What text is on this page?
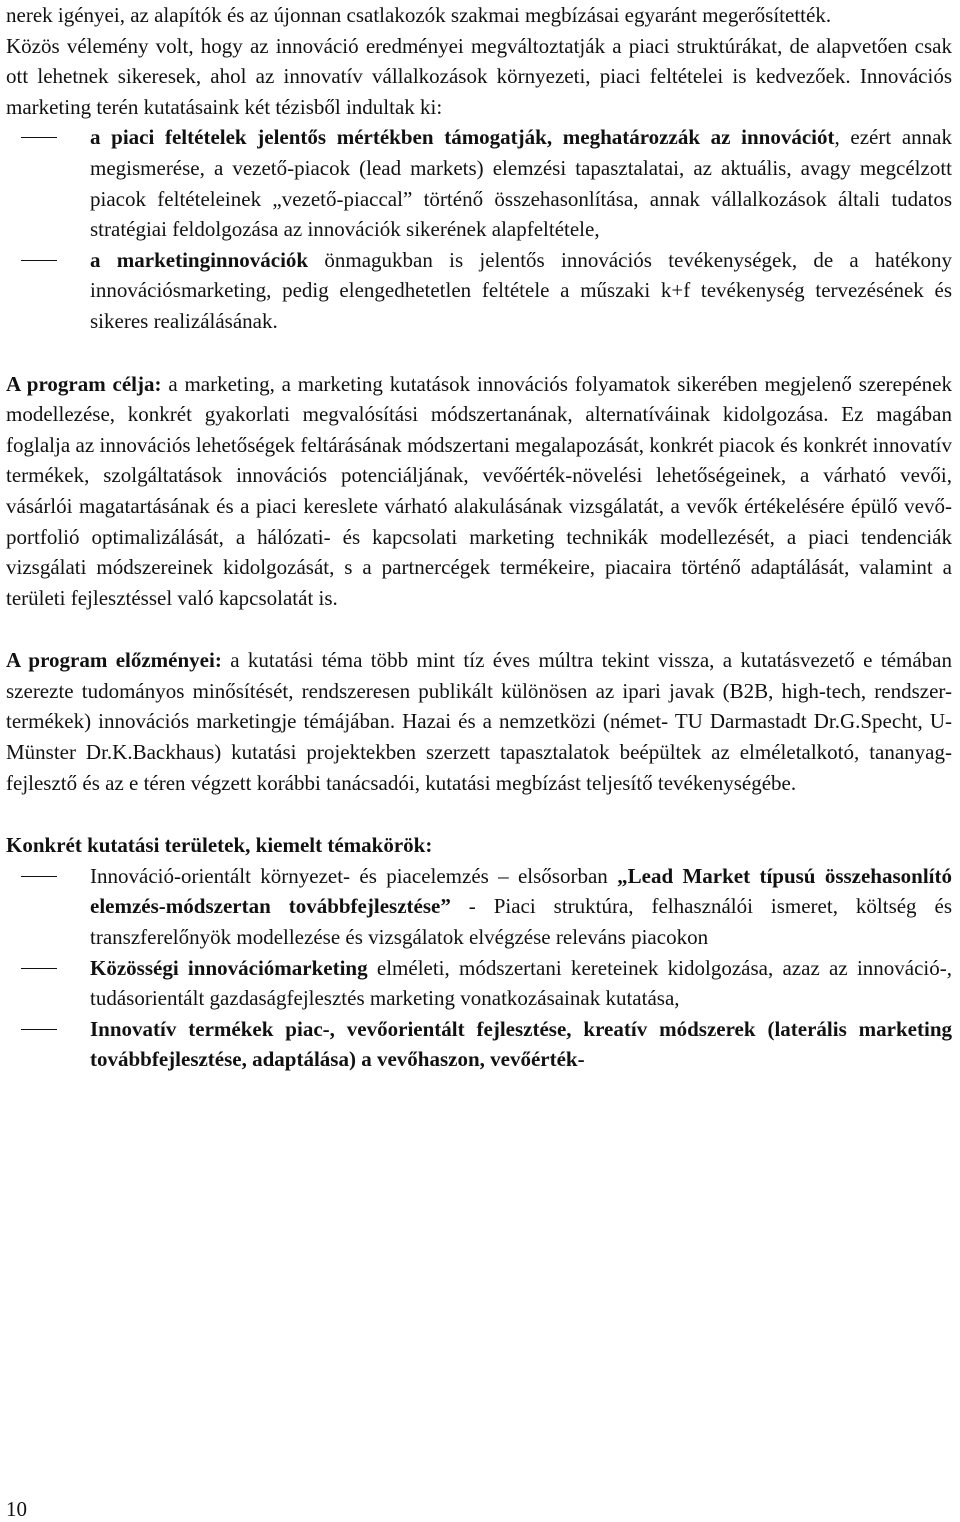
nerek igényei, az alapítók és az újonnan csatlakozók szakmai megbízásai egyaránt megerősítették.

Közös vélemény volt, hogy az innováció eredményei megváltoztatják a piaci struktúrákat, de alapvetően csak ott lehetnek sikeresek, ahol az innovatív vállalkozások környezeti, piaci feltételei is kedvezőek. Innovációs marketing terén kutatásaink két tézisből indultak ki:

a piaci feltételek jelentős mértékben támogatják, meghatározzák az innovációt, ezért annak megismerése, a vezető-piacok (lead markets) elemzési tapasztalatai, az aktuális, avagy megcélzott piacok feltételeinek „vezető-piaccal” történő összehasonlítása, annak vállalkozások általi tudatos stratégiai feldolgozása az innovációk sikerének alapfeltétele,
a marketinginnovációk önmagukban is jelentős innovációs tevékenységek, de a hatékony innovációsmarketing, pedig elengedhetetlen feltétele a műszaki k+f tevékenység tervezésének és sikeres realizálásának.

A program célja: a marketing, a marketing kutatások innovációs folyamatok sikerében megjelenő szerepének modellezése, konkrét gyakorlati megvalósítási módszertanának, alternatíváinak kidolgozása. Ez magában foglalja az innovációs lehetőségek feltárásának módszertani megalapozását, konkrét piacok és konkrét innovatív termékek, szolgáltatások innovációs potenciáljának, vevőérték-növelési lehetőségeinek, a várható vevői, vásárlói magatartásának és a piaci kereslete várható alakulásának vizsgálatát, a vevők értékelésére épülő vevő-portfolió optimalizálását, a hálózati- és kapcsolati marketing technikák modellezését, a piaci tendenciák vizsgálati módszereinek kidolgozását, s a partnercégek termékeire, piacaira történő adaptálását, valamint a területi fejlesztéssel való kapcsolatát is.

A program előzményei: a kutatási téma több mint tíz éves múltra tekint vissza, a kutatásvezető e témában szerezte tudományos minősítését, rendszeresen publikált különösen az ipari javak (B2B, high-tech, rendszer-termékek) innovációs marketingje témájában. Hazai és a nemzetközi (német- TU Darmastadt Dr.G.Specht, U-Münster Dr.K.Backhaus) kutatási projektekben szerzett tapasztalatok beépültek az elméletalkotó, tananyag-fejlesztő és az e téren végzett korábbi tanácsadói, kutatási megbízást teljesítő tevékenységébe.

Konkrét kutatási területek, kiemelt témakörök:

Innováció-orientált környezet- és piacelemzés – elsősorban „Lead Market típusú összehasonlító elemzés-módszertan továbbfejlesztése” - Piaci struktúra, felhasználói ismeret, költség és transzferelőnyök modellezése és vizsgálatok elvégzése releváns piacokon
Közösségi innovációmarketing elméleti, módszertani kereteinek kidolgozása, azaz az innováció-, tudásorientált gazdaságfejlesztés marketing vonatkozásainak kutatása,
Innovatív termékek piac-, vevőorientált fejlesztése, kreatív módszerek (laterális marketing továbbfejlesztése, adaptálása) a vevőhaszon, vevőérték-
10
